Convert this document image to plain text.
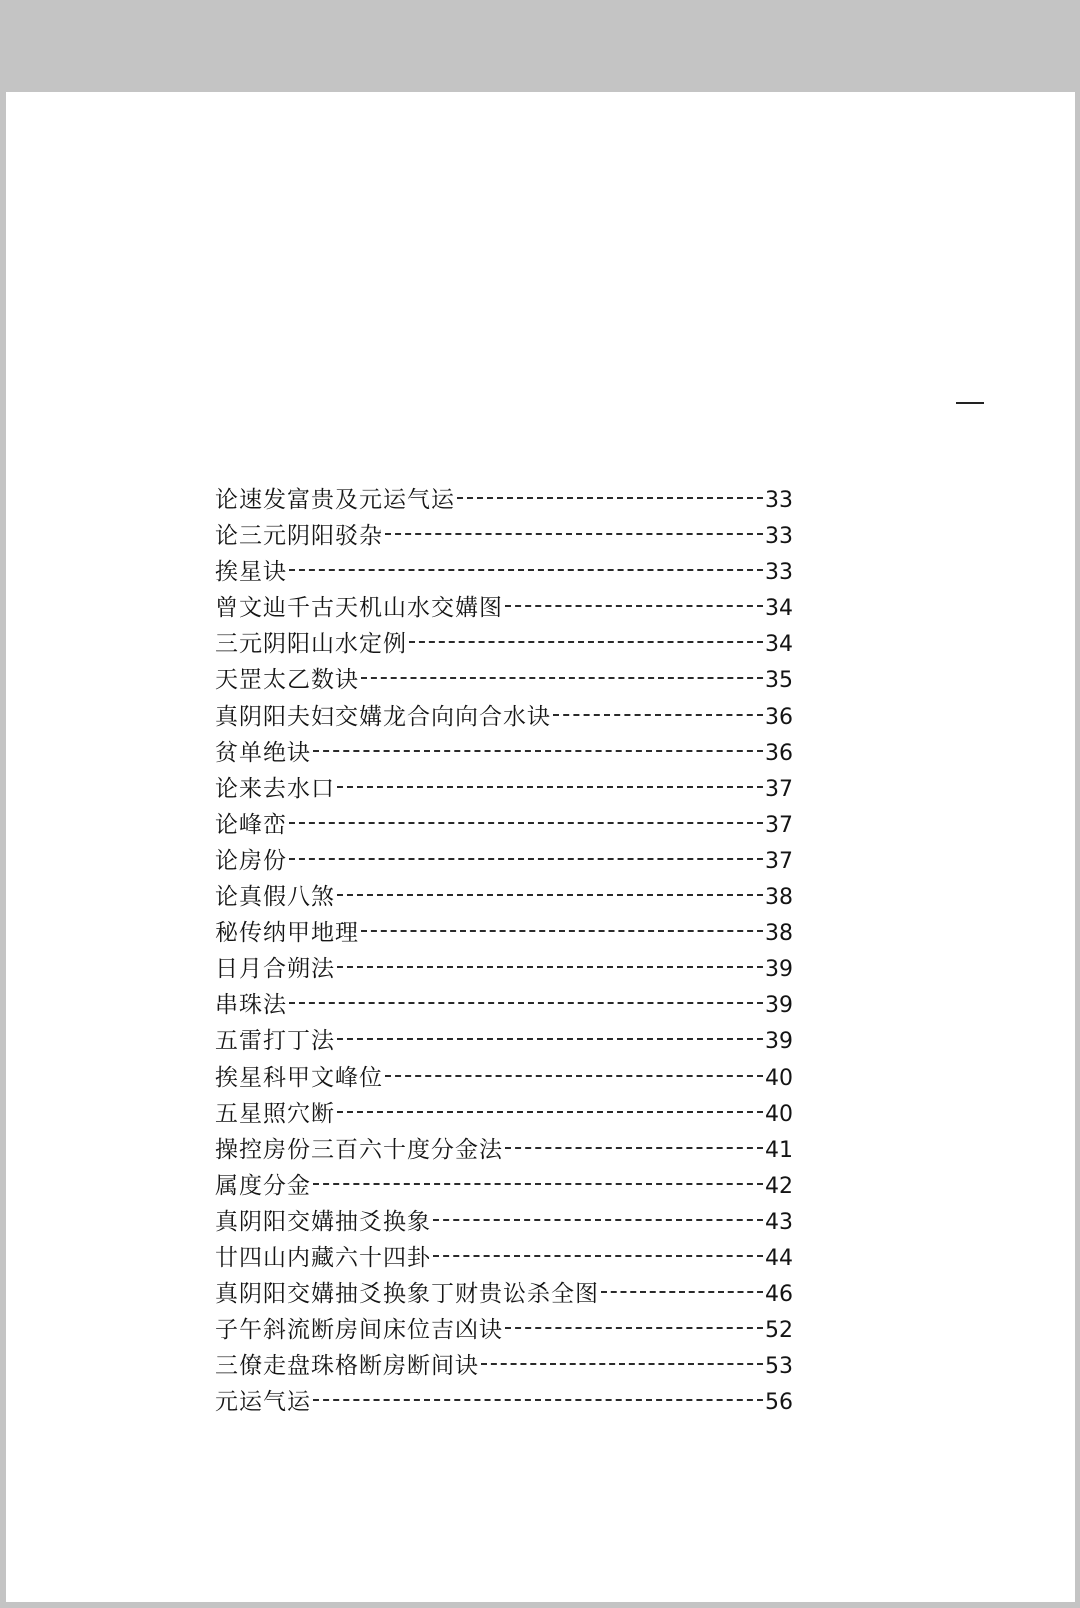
论速发富贵及元运气运	33
论三元阴阳驳杂	33
挨星诀	33
曾文辿千古天机山水交媾图	34
三元阴阳山水定例	34
天罡太乙数诀	35
真阴阳夫妇交媾龙合向向合水诀	36
贫单绝诀	36
论来去水口	37
论峰峦	37
论房份	37
论真假八煞	38
秘传纳甲地理	38
日月合朔法	39
串珠法	39
五雷打丁法	39
挨星科甲文峰位	40
五星照穴断	40
操控房份三百六十度分金法	41
属度分金	42
真阴阳交媾抽爻换象	43
廿四山内藏六十四卦	44
真阴阳交媾抽爻换象丁财贵讼杀全图	46
子午斜流断房间床位吉凶诀	52
三僚走盘珠格断房断间诀	53
元运气运	56
